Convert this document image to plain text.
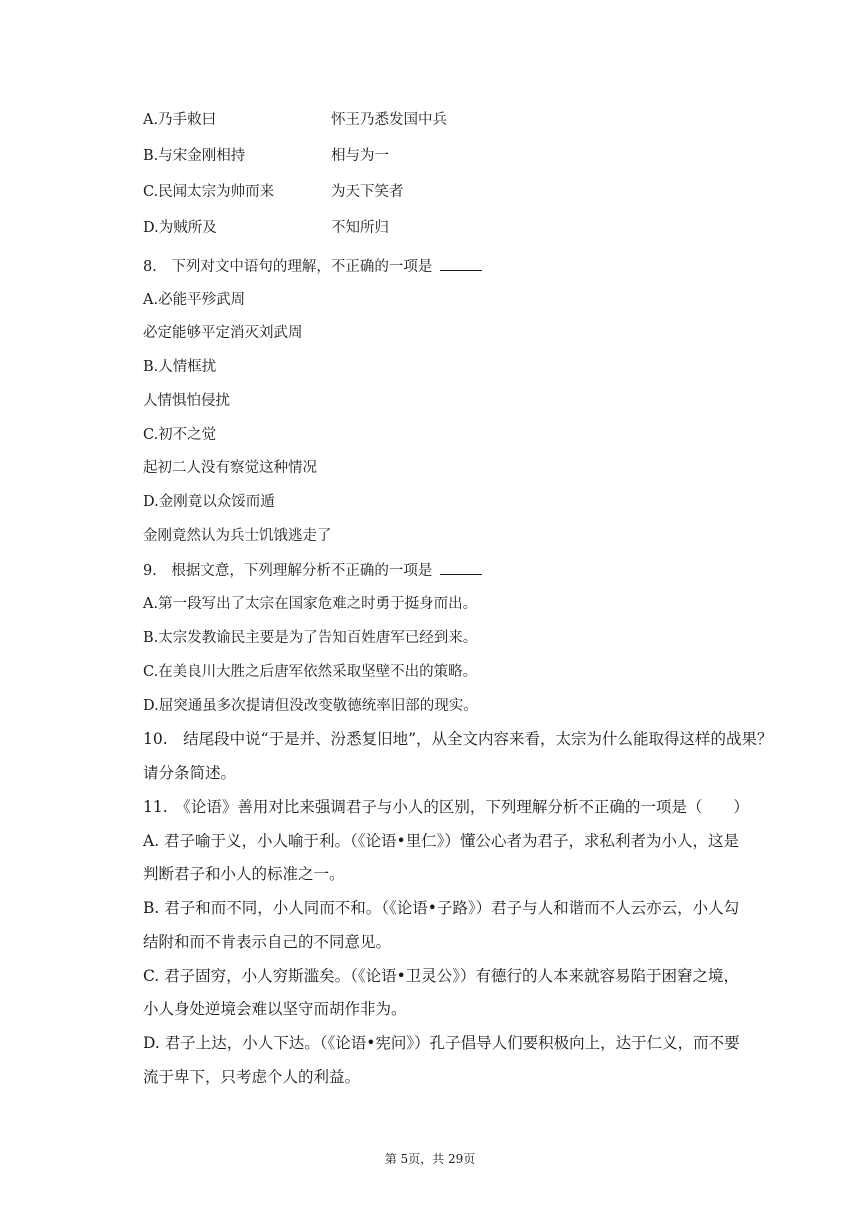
A.乃手敕曰	怀王乃悉发国中兵
B.与宋金刚相持	相与为一
C.民闻太宗为帅而来	为天下笑者
D.为贼所及	不知所归
8.　下列对文中语句的理解，不正确的一项是
A.必能平殄武周
必定能够平定消灭刘武周
B.人情框扰
人情惧怕侵扰
C.初不之觉
起初二人没有察觉这种情况
D.金刚竟以众馁而遁
金刚竟然认为兵士饥饿逃走了
9.　根据文意，下列理解分析不正确的一项是
A.第一段写出了太宗在国家危难之时勇于挺身而出。
B.太宗发教谕民主要是为了告知百姓唐军已经到来。
C.在美良川大胜之后唐军依然采取坚壁不出的策略。
D.屈突通虽多次提请但没改变敬德统率旧部的现实。
10.　结尾段中说“于是并、汾悉复旧地”，从全文内容来看，太宗为什么能取得这样的战果？
请分条简述。
11.　《论语》善用对比来强调君子与小人的区别，下列理解分析不正确的一项是（　　）
A. 君子喻于义，小人喻于利。（《论语•里仁》）懂公心者为君子，求私利者为小人，这是
判断君子和小人的标准之一。
B. 君子和而不同，小人同而不和。（《论语•子路》）君子与人和谐而不人云亦云，小人勾
结附和而不肯表示自己的不同意见。
C. 君子固穷，小人穷斯滥矣。（《论语•卫灵公》）有德行的人本来就容易陷于困窘之境，
小人身处逆境会难以坚守而胡作非为。
D. 君子上达，小人下达。（《论语•宪问》）孔子倡导人们要积极向上，达于仁义，而不要
流于卑下，只考虑个人的利益。
第 5页，共 29页
